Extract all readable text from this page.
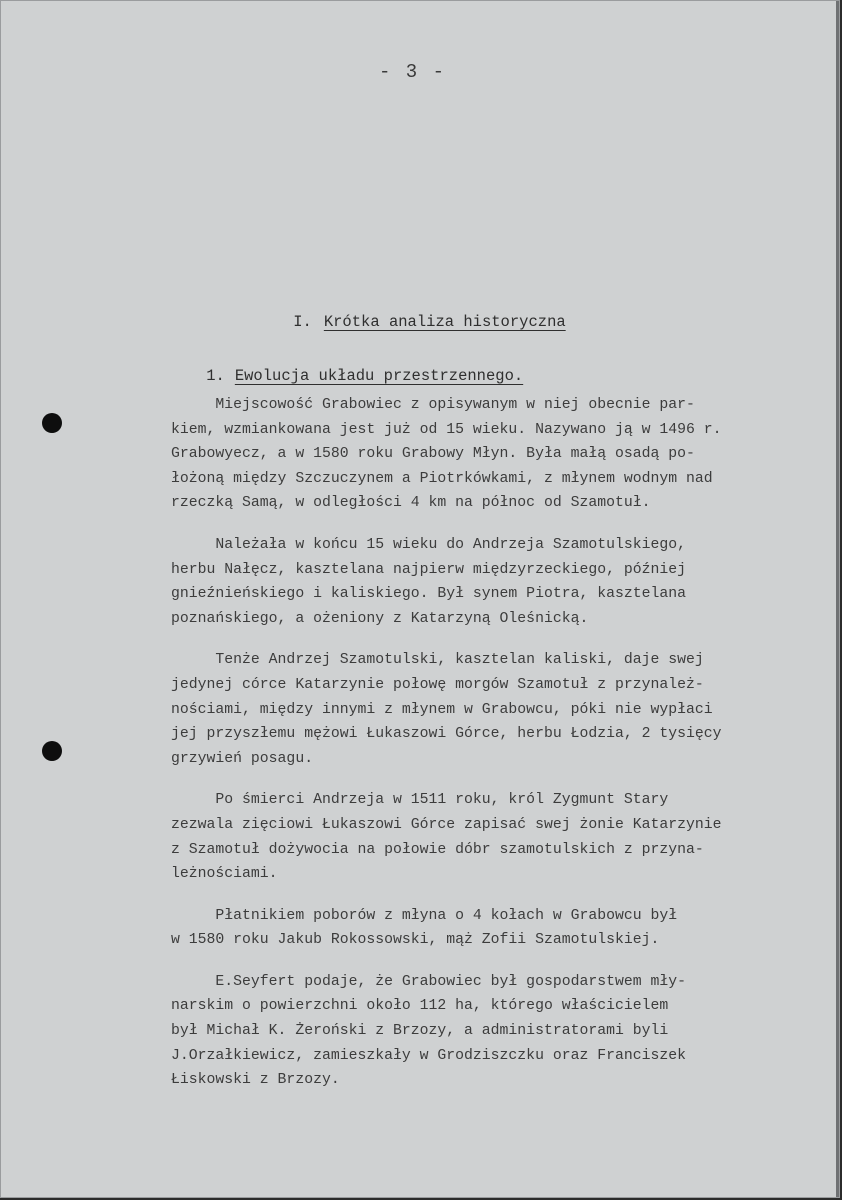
- 3 -

I. Krótka analiza historyczna

1. Ewolucja układu przestrzennego.

Miejscowość Grabowiec z opisywanym w niej obecnie par-
kiem, wzmiankowana jest już od 15 wieku. Nazywano ją w 1496 r.
Grabowyecz, a w 1580 roku Grabowy Młyn. Była małą osadą po-
łożoną między Szczuczynem a Piotrkówkami, z młynem wodnym nad
rzeczką Samą, w odległości 4 km na północ od Szamotuł.
Należała w końcu 15 wieku do Andrzeja Szamotulskiego,
herbu Nałęcz, kasztelana najpierw międzyrzeckiego, później
gnieźnieńskiego i kaliskiego. Był synem Piotra, kasztelana
poznańskiego, a ożeniony z Katarzyną Oleśnicką.
Tenże Andrzej Szamotulski, kasztelan kaliski, daje swej
jedynej córce Katarzynie połowę morgów Szamotuł z przynależ-
nościami, między innymi z młynem w Grabowcu, póki nie wypłaci
jej przyszłemu mężowi Łukaszowi Górce, herbu Łodzia, 2 tysięcy
grzywień posagu.
Po śmierci Andrzeja w 1511 roku, król Zygmunt Stary
zezwala zięciowi Łukaszowi Górce zapisać swej żonie Katarzynie
z Szamotuł dożywocia na połowie dóbr szamotulskich z przyna-
leżnościami.
Płatnikiem poborów z młyna o 4 kołach w Grabowcu był
w 1580 roku Jakub Rokossowski, mąż Zofii Szamotulskiej.
E.Seyfert podaje, że Grabowiec był gospodarstwem mły-
narskim o powierzchni około 112 ha, którego właścicielem
był Michał K. Żeroński z Brzozy, a administratorami byli
J.Orzałkiewicz, zamieszkały w Grodziszczku oraz Franciszek
Łiskowski z Brzozy.
